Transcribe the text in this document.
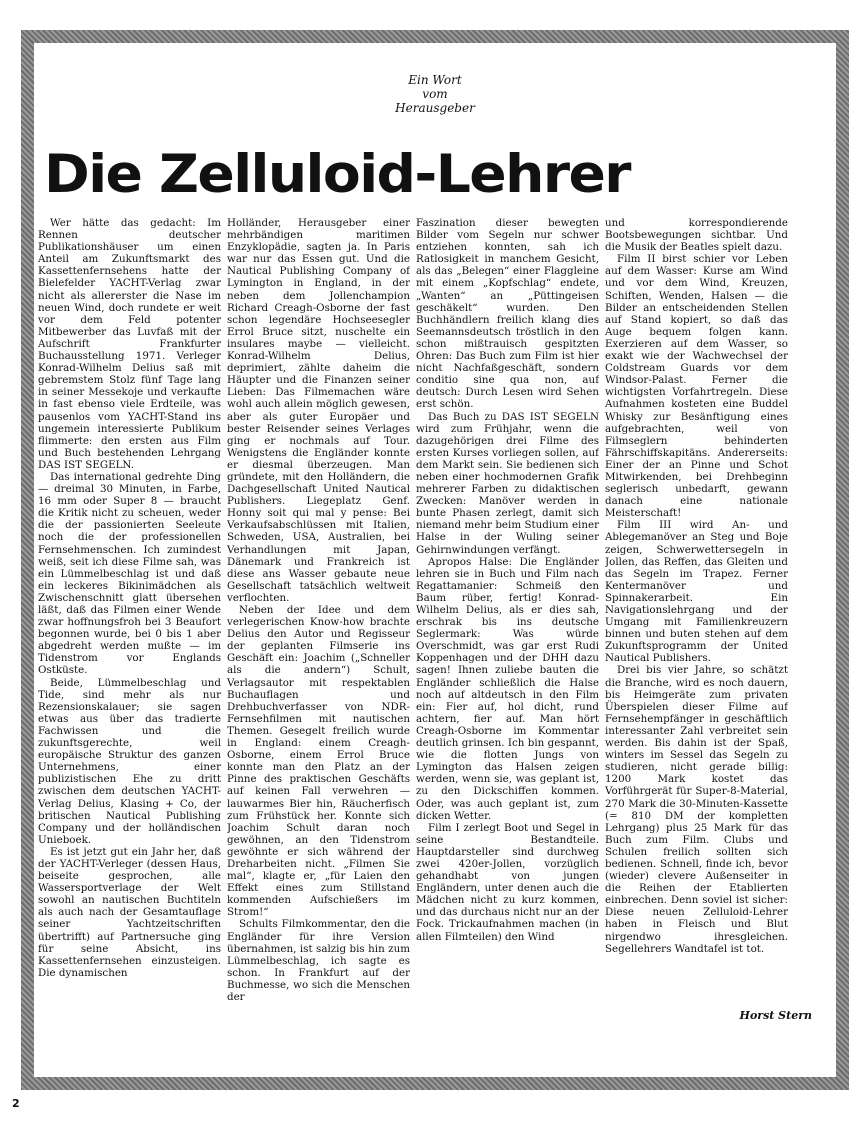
Ein Wort
vom
Herausgeber
Die Zelluloid-Lehrer

Wer hätte das gedacht: Im Rennen deutscher Publikationshäuser um einen Anteil am Zukunftsmarkt des Kassettenfernsehens hatte der Bielefelder YACHT-Verlag zwar nicht als allererster die Nase im neuen Wind, doch rundete er weit vor dem Feld potenter Mitbewerber das Luvfaß mit der Aufschrift Frankfurter Buchausstellung 1971. Verleger Konrad-Wilhelm Delius saß mit gebremstem Stolz fünf Tage lang in seiner Messekoje und verkaufte in fast ebenso viele Erdteile, was pausenlos vom YACHT-Stand ins ungemein interessierte Publikum flimmerte: den ersten aus Film und Buch bestehenden Lehrgang DAS IST SEGELN.

Das international gedrehte Ding — dreimal 30 Minuten, in Farbe, 16 mm oder Super 8 — braucht die Kritik nicht zu scheuen, weder die der passionierten Seeleute noch die der professionellen Fernsehmenschen. Ich zumindest weiß, seit ich diese Filme sah, was ein Lümmelbeschlag ist und daß ein leckeres Bikinimädchen als Zwischenschnitt glatt übersehen läßt, daß das Filmen einer Wende zwar hoffnungsfroh bei 3 Beaufort begonnen wurde, bei 0 bis 1 aber abgedreht werden mußte — im Tidenstrom vor Englands Ostküste.

Beide, Lümmelbeschlag und Tide, sind mehr als nur Rezensionskalauer; sie sagen etwas aus über das tradierte Fachwissen und die zukunftsgerechte, weil europäische Struktur des ganzen Unternehmens, einer publizistischen Ehe zu dritt zwischen dem deutschen YACHT-Verlag Delius, Klasing + Co, der britischen Nautical Publishing Company und der holländischen Unieboek.

Es ist jetzt gut ein Jahr her, daß der YACHT-Verleger (dessen Haus, beiseite gesprochen, alle Wassersportverlage der Welt sowohl an nautischen Buchtiteln als auch nach der Gesamtauflage seiner Yachtzeitschriften übertrifft) auf Partnersuche ging für seine Absicht, ins Kassettenfernsehen einzusteigen. Die dynamischen

Holländer, Herausgeber einer mehrbändigen maritimen Enzyklopädie, sagten ja. In Paris war nur das Essen gut. Und die Nautical Publishing Company of Lymington in England, in der neben dem Jollenchampion Richard Creagh-Osborne der fast schon legendäre Hochseesegler Errol Bruce sitzt, nuschelte ein insulares maybe — vielleicht. Konrad-Wilhelm Delius, deprimiert, zählte daheim die Häupter und die Finanzen seiner Lieben: Das Filmemachen wäre wohl auch allein möglich gewesen, aber als guter Europäer und bester Reisender seines Verlages ging er nochmals auf Tour. Wenigstens die Engländer konnte er diesmal überzeugen. Man gründete, mit den Holländern, die Dachgesellschaft United Nautical Publishers. Liegeplatz Genf. Honny soit qui mal y pense: Bei Verkaufsabschlüssen mit Italien, Schweden, USA, Australien, bei Verhandlungen mit Japan, Dänemark und Frankreich ist diese ans Wasser gebaute neue Gesellschaft tatsächlich weltweit verflochten.

Neben der Idee und dem verlegerischen Know-how brachte Delius den Autor und Regisseur der geplanten Filmserie ins Geschäft ein: Joachim („Schneller als die andern“) Schult, Verlagsautor mit respektablen Buchauflagen und Drehbuchverfasser von NDR-Fernsehfilmen mit nautischen Themen. Gesegelt freilich wurde in England: einem Creagh-Osborne, einem Errol Bruce konnte man den Platz an der Pinne des praktischen Geschäfts auf keinen Fall verwehren — lauwarmes Bier hin, Räucherfisch zum Frühstück her. Konnte sich Joachim Schult daran noch gewöhnen, an den Tidenstrom gewöhnte er sich während der Dreharbeiten nicht. „Filmen Sie mal“, klagte er, „für Laien den Effekt eines zum Stillstand kommenden Aufschießers im Strom!“

Schults Filmkommentar, den die Engländer für ihre Version übernahmen, ist salzig bis hin zum Lümmelbeschlag, ich sagte es schon. In Frankfurt auf der Buchmesse, wo sich die Menschen der

Faszination dieser bewegten Bilder vom Segeln nur schwer entziehen konnten, sah ich Ratlosigkeit in manchem Gesicht, als das „Belegen“ einer Flaggleine mit einem „Kopfschlag“ endete, „Wanten“ an „Püttingeisen geschäkelt“ wurden. Den Buchhändlern freilich klang dies Seemannsdeutsch tröstlich in den schon mißtrauisch gespitzten Ohren: Das Buch zum Film ist hier nicht Nachfaßgeschäft, sondern conditio sine qua non, auf deutsch: Durch Lesen wird Sehen erst schön.

Das Buch zu DAS IST SEGELN wird zum Frühjahr, wenn die dazugehörigen drei Filme des ersten Kurses vorliegen sollen, auf dem Markt sein. Sie bedienen sich neben einer hochmodernen Grafik mehrerer Farben zu didaktischen Zwecken: Manöver werden in bunte Phasen zerlegt, damit sich niemand mehr beim Studium einer Halse in der Wuling seiner Gehirnwindungen verfängt.

Apropos Halse: Die Engländer lehren sie in Buch und Film nach Regattamanier: Schmeiß den Baum rüber, fertig! Konrad-Wilhelm Delius, als er dies sah, erschrak bis ins deutsche Seglermark: Was würde Overschmidt, was gar erst Rudi Koppenhagen und der DHH dazu sagen! Ihnen zuliebe bauten die Engländer schließlich die Halse noch auf altdeutsch in den Film ein: Fier auf, hol dicht, rund achtern, fier auf. Man hört Creagh-Osborne im Kommentar deutlich grinsen. Ich bin gespannt, wie die flotten Jungs von Lymington das Halsen zeigen werden, wenn sie, was geplant ist, zu den Dickschiffen kommen. Oder, was auch geplant ist, zum dicken Wetter.

Film I zerlegt Boot und Segel in seine Bestandteile. Hauptdarsteller sind durchweg zwei 420er-Jollen, vorzüglich gehandhabt von jungen Engländern, unter denen auch die Mädchen nicht zu kurz kommen, und das durchaus nicht nur an der Fock. Trickaufnahmen machen (in allen Filmteilen) den Wind

und korrespondierende Bootsbewegungen sichtbar. Und die Musik der Beatles spielt dazu.

Film II birst schier vor Leben auf dem Wasser: Kurse am Wind und vor dem Wind, Kreuzen, Schiften, Wenden, Halsen — die Bilder an entscheidenden Stellen auf Stand kopiert, so daß das Auge bequem folgen kann. Exerzieren auf dem Wasser, so exakt wie der Wachwechsel der Coldstream Guards vor dem Windsor-Palast. Ferner die wichtigsten Vorfahrtregeln. Diese Aufnahmen kosteten eine Buddel Whisky zur Besänftigung eines aufgebrachten, weil von Filmseglern behinderten Fährschiffskapitäns. Andererseits: Einer der an Pinne und Schot Mitwirkenden, bei Drehbeginn seglerisch unbedarft, gewann danach eine nationale Meisterschaft!

Film III wird An- und Ablegemanöver an Steg und Boje zeigen, Schwerwettersegeln in Jollen, das Reffen, das Gleiten und das Segeln im Trapez. Ferner Kentermanöver und Spinnakerarbeit. Ein Navigationslehrgang und der Umgang mit Familienkreuzern binnen und buten stehen auf dem Zukunftsprogramm der United Nautical Publishers.

Drei bis vier Jahre, so schätzt die Branche, wird es noch dauern, bis Heimgeräte zum privaten Überspielen dieser Filme auf Fernsehempfänger in geschäftlich interessanter Zahl verbreitet sein werden. Bis dahin ist der Spaß, winters im Sessel das Segeln zu studieren, nicht gerade billig: 1200 Mark kostet das Vorführgerät für Super-8-Material, 270 Mark die 30-Minuten-Kassette (= 810 DM der kompletten Lehrgang) plus 25 Mark für das Buch zum Film. Clubs und Schulen freilich sollten sich bedienen. Schnell, finde ich, bevor (wieder) clevere Außenseiter in die Reihen der Etablierten einbrechen. Denn soviel ist sicher: Diese neuen Zelluloid-Lehrer haben in Fleisch und Blut nirgendwo ihresgleichen. Segellehrers Wandtafel ist tot.

Horst Stern
2
